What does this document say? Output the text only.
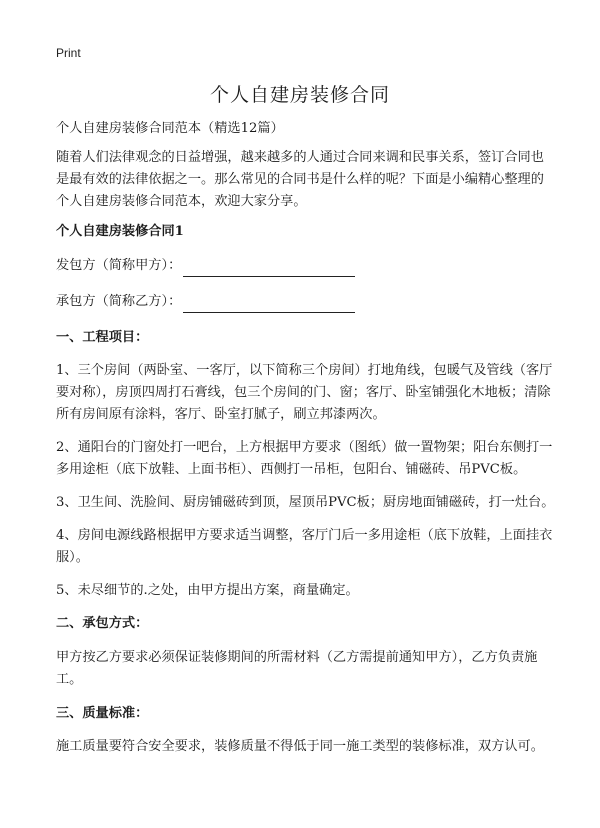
Print
个人自建房装修合同

个人自建房装修合同范本（精选12篇）

随着人们法律观念的日益增强，越来越多的人通过合同来调和民事关系，签订合同也是最有效的法律依据之一。那么常见的合同书是什么样的呢？下面是小编精心整理的个人自建房装修合同范本，欢迎大家分享。

个人自建房装修合同1

发包方（简称甲方）：

承包方（简称乙方）：

一、工程项目：

1、三个房间（两卧室、一客厅，以下简称三个房间）打地角线，包暖气及管线（客厅要对称），房顶四周打石膏线，包三个房间的门、窗；客厅、卧室铺强化木地板；清除所有房间原有涂料，客厅、卧室打腻子，刷立邦漆两次。

2、通阳台的门窗处打一吧台，上方根据甲方要求（图纸）做一置物架；阳台东侧打一多用途柜（底下放鞋、上面书柜）、西侧打一吊柜，包阳台、铺磁砖、吊PVC板。

3、卫生间、洗脸间、厨房铺磁砖到顶，屋顶吊PVC板；厨房地面铺磁砖，打一灶台。

4、房间电源线路根据甲方要求适当调整，客厅门后一多用途柜（底下放鞋，上面挂衣服）。

5、未尽细节的.之处，由甲方提出方案，商量确定。

二、承包方式：

甲方按乙方要求必须保证装修期间的所需材料（乙方需提前通知甲方），乙方负责施工。

三、质量标准：

施工质量要符合安全要求，装修质量不得低于同一施工类型的装修标准，双方认可。
